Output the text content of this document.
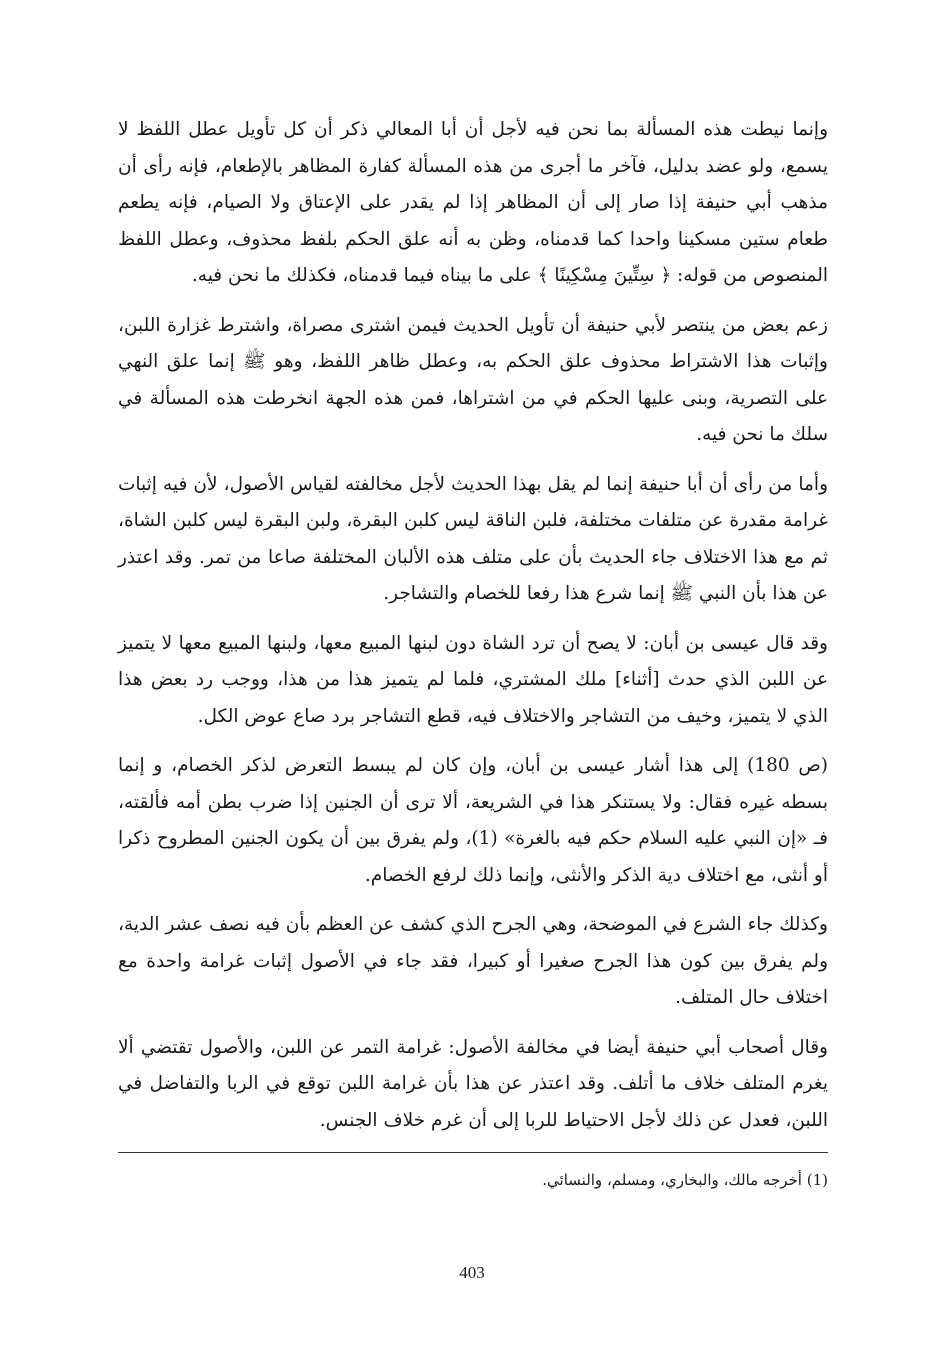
وإنما نيطت هذه المسألة بما نحن فيه لأجل أن أبا المعالي ذكر أن كل تأويل عطل اللفظ لا يسمع، ولو عضد بدليل، فآخر ما أجرى من هذه المسألة كفارة المظاهر بالإطعام، فإنه رأى أن مذهب أبي حنيفة إذا صار إلى أن المظاهر إذا لم يقدر على الإعتاق ولا الصيام، فإنه يطعم طعام ستين مسكينا واحدا كما قدمناه، وظن به أنه علق الحكم بلفظ محذوف، وعطل اللفظ المنصوص من قوله: ﴿ سِتِّينَ مِسْكِينًا ﴾ على ما بيناه فيما قدمناه، فكذلك ما نحن فيه.

زعم بعض من ينتصر لأبي حنيفة أن تأويل الحديث فيمن اشترى مصراة، واشترط غزارة اللبن، وإثبات هذا الاشتراط محذوف علق الحكم به، وعطل ظاهر اللفظ، وهو ﷺ إنما علق النهي على التصرية، وبنى عليها الحكم في من اشتراها، فمن هذه الجهة انخرطت هذه المسألة في سلك ما نحن فيه.

وأما من رأى أن أبا حنيفة إنما لم يقل بهذا الحديث لأجل مخالفته لقياس الأصول، لأن فيه إثبات غرامة مقدرة عن متلفات مختلفة، فلبن الناقة ليس كلبن البقرة، ولبن البقرة ليس كلبن الشاة، ثم مع هذا الاختلاف جاء الحديث بأن على متلف هذه الألبان المختلفة صاعا من تمر. وقد اعتذر عن هذا بأن النبي ﷺ إنما شرع هذا رفعا للخصام والتشاجر.

وقد قال عيسى بن أبان: لا يصح أن ترد الشاة دون لبنها المبيع معها، ولبنها المبيع معها لا يتميز عن اللبن الذي حدث [أثناء] ملك المشتري، فلما لم يتميز هذا من هذا، ووجب رد بعض هذا الذي لا يتميز، وخيف من التشاجر والاختلاف فيه، قطع التشاجر برد صاع عوض الكل.

(ص 180) إلى هذا أشار عيسى بن أبان، وإن كان لم يبسط التعرض لذكر الخصام، و إنما بسطه غيره فقال: ولا يستنكر هذا في الشريعة، ألا ترى أن الجنين إذا ضرب بطن أمه فألقته، فـ «إن النبي عليه السلام حكم فيه بالغرة» (1)، ولم يفرق بين أن يكون الجنين المطروح ذكرا أو أنثى، مع اختلاف دية الذكر والأنثى، وإنما ذلك لرفع الخصام.

وكذلك جاء الشرع في الموضحة، وهي الجرح الذي كشف عن العظم بأن فيه نصف عشر الدية، ولم يفرق بين كون هذا الجرح صغيرا أو كبيرا، فقد جاء في الأصول إثبات غرامة واحدة مع اختلاف حال المتلف.

وقال أصحاب أبي حنيفة أيضا في مخالفة الأصول: غرامة التمر عن اللبن، والأصول تقتضي ألا يغرم المتلف خلاف ما أتلف. وقد اعتذر عن هذا بأن غرامة اللبن توقع في الربا والتفاضل في اللبن، فعدل عن ذلك لأجل الاحتياط للربا إلى أن غرم خلاف الجنس.

(1) أخرجه مالك، والبخاري، ومسلم، والنسائي.

403
